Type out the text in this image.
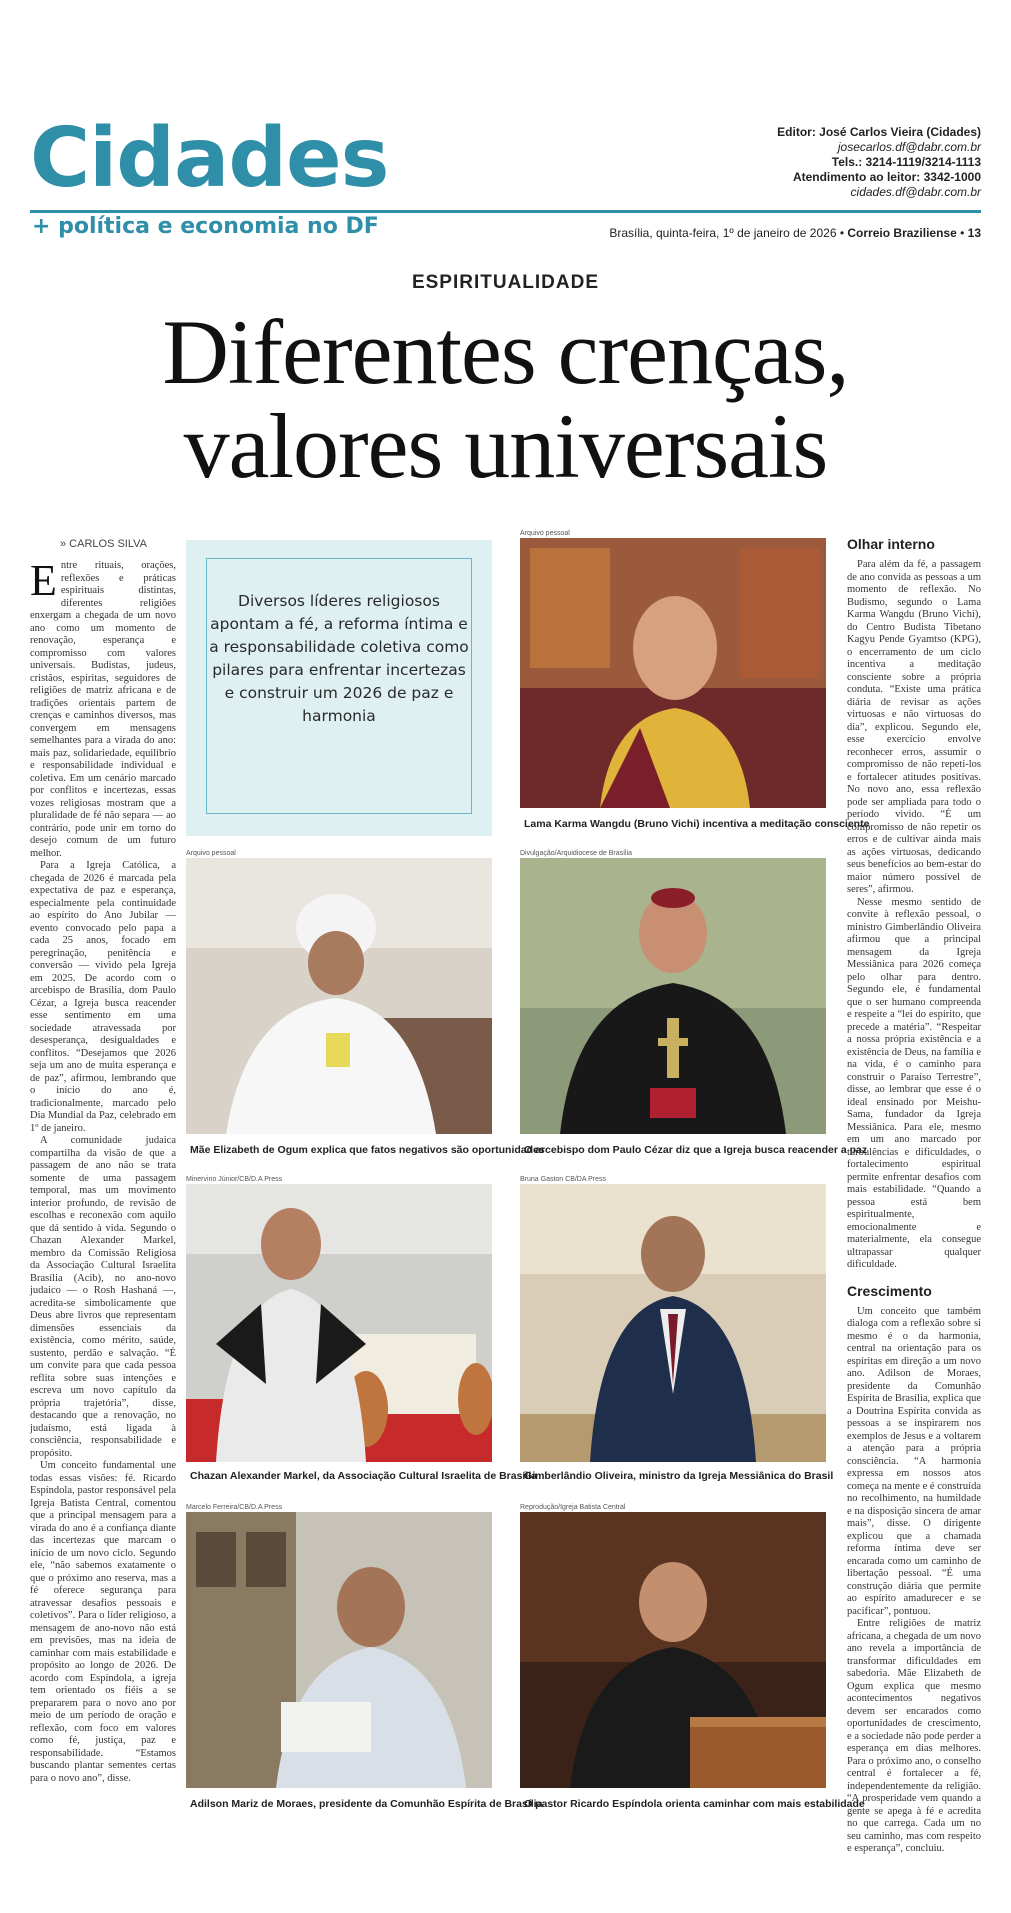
Cidades
+ política e economia no DF
Editor: José Carlos Vieira (Cidades)
josecarlos.df@dabr.com.br
Tels.: 3214-1119/3214-1113
Atendimento ao leitor: 3342-1000
cidades.df@dabr.com.br
Brasília, quinta-feira, 1º de janeiro de 2026 • Correio Braziliense • 13
ESPIRITUALIDADE
Diferentes crenças,
valores universais
» CARLOS SILVA

Entre rituais, orações, reflexões e práticas espirituais distintas, diferentes religiões enxergam a chegada de um novo ano como um momento de renovação, esperança e compromisso com valores universais. Budistas, judeus, cristãos, espíritas, seguidores de religiões de matriz africana e de tradições orientais partem de crenças e caminhos diversos, mas convergem em mensagens semelhantes para a virada do ano: mais paz, solidariedade, equilíbrio e responsabilidade individual e coletiva. Em um cenário marcado por conflitos e incertezas, essas vozes religiosas mostram que a pluralidade de fé não separa — ao contrário, pode unir em torno do desejo comum de um futuro melhor.

Para a Igreja Católica, a chegada de 2026 é marcada pela expectativa de paz e esperança, especialmente pela continuidade ao espírito do Ano Jubilar — evento convocado pelo papa a cada 25 anos, focado em peregrinação, penitência e conversão — vivido pela Igreja em 2025. De acordo com o arcebispo de Brasília, dom Paulo Cézar, a Igreja busca reacender esse sentimento em uma sociedade atravessada por desesperança, desigualdades e conflitos. “Desejamos que 2026 seja um ano de muita esperança e de paz”, afirmou, lembrando que o início do ano é, tradicionalmente, marcado pelo Dia Mundial da Paz, celebrado em 1º de janeiro.

A comunidade judaica compartilha da visão de que a passagem de ano não se trata somente de uma passagem temporal, mas um movimento interior profundo, de revisão de escolhas e reconexão com aquilo que dá sentido à vida. Segundo o Chazan Alexander Markel, membro da Comissão Religiosa da Associação Cultural Israelita Brasília (Acib), no ano-novo judaico — o Rosh Hashaná —, acredita-se simbolicamente que Deus abre livros que representam dimensões essenciais da existência, como mérito, saúde, sustento, perdão e salvação. “É um convite para que cada pessoa reflita sobre suas intenções e escreva um novo capítulo da própria trajetória”, disse, destacando que a renovação, no judaísmo, está ligada à consciência, responsabilidade e propósito.

Um conceito fundamental une todas essas visões: fé. Ricardo Espíndola, pastor responsável pela Igreja Batista Central, comentou que a principal mensagem para a virada do ano é a confiança diante das incertezas que marcam o início de um novo ciclo. Segundo ele, “não sabemos exatamente o que o próximo ano reserva, mas a fé oferece segurança para atravessar desafios pessoais e coletivos”. Para o líder religioso, a mensagem de ano-novo não está em previsões, mas na ideia de caminhar com mais estabilidade e propósito ao longo de 2026. De acordo com Espíndola, a igreja tem orientado os fiéis a se prepararem para o novo ano por meio de um período de oração e reflexão, com foco em valores como fé, justiça, paz e responsabilidade. “Estamos buscando plantar sementes certas para o novo ano”, disse.

Diversos líderes religiosos apontam a fé, a reforma íntima e a responsabilidade coletiva como pilares para enfrentar incertezas e construir um 2026 de paz e harmonia
Arquivo pessoal
Lama Karma Wangdu (Bruno Vichi) incentiva a meditação consciente
Arquivo pessoal
Mãe Elizabeth de Ogum explica que fatos negativos são oportunidades
Divulgação/Arquidiocese de Brasília
O arcebispo dom Paulo Cézar diz que a Igreja busca reacender a paz
Minervino Júnior/CB/D.A Press
Chazan Alexander Markel, da Associação Cultural Israelita de Brasília
Bruna Gaston CB/DA Press
Gimberlândio Oliveira, ministro da Igreja Messiânica do Brasil
Marcelo Ferreira/CB/D.A Press
Adilson Mariz de Moraes, presidente da Comunhão Espírita de Brasília
Reprodução/Igreja Batista Central
O pastor Ricardo Espíndola orienta caminhar com mais estabilidade
Olhar interno

Para além da fé, a passagem de ano convida as pessoas a um momento de reflexão. No Budismo, segundo o Lama Karma Wangdu (Bruno Vichi), do Centro Budista Tibetano Kagyu Pende Gyamtso (KPG), o encerramento de um ciclo incentiva a meditação consciente sobre a própria conduta. “Existe uma prática diária de revisar as ações virtuosas e não virtuosas do dia”, explicou. Segundo ele, esse exercício envolve reconhecer erros, assumir o compromisso de não repeti-los e fortalecer atitudes positivas. No novo ano, essa reflexão pode ser ampliada para todo o período vivido. “É um compromisso de não repetir os erros e de cultivar ainda mais as ações virtuosas, dedicando seus benefícios ao bem-estar do maior número possível de seres”, afirmou.

Nesse mesmo sentido de convite à reflexão pessoal, o ministro Gimberlândio Oliveira afirmou que a principal mensagem da Igreja Messiânica para 2026 começa pelo olhar para dentro. Segundo ele, é fundamental que o ser humano compreenda e respeite a “lei do espírito, que precede a matéria”. “Respeitar a nossa própria existência e a existência de Deus, na família e na vida, é o caminho para construir o Paraíso Terrestre”, disse, ao lembrar que esse é o ideal ensinado por Meishu-Sama, fundador da Igreja Messiânica. Para ele, mesmo em um ano marcado por turbulências e dificuldades, o fortalecimento espiritual permite enfrentar desafios com mais estabilidade. “Quando a pessoa está bem espiritualmente, emocionalmente e materialmente, ela consegue ultrapassar qualquer dificuldade.

Crescimento

Um conceito que também dialoga com a reflexão sobre si mesmo é o da harmonia, central na orientação para os espíritas em direção a um novo ano. Adilson de Moraes, presidente da Comunhão Espírita de Brasília, explica que a Doutrina Espírita convida as pessoas a se inspirarem nos exemplos de Jesus e a voltarem a atenção para a própria consciência. “A harmonia expressa em nossos atos começa na mente e é construída no recolhimento, na humildade e na disposição sincera de amar mais”, disse. O dirigente explicou que a chamada reforma íntima deve ser encarada como um caminho de libertação pessoal. “É uma construção diária que permite ao espírito amadurecer e se pacificar”, pontuou.

Entre religiões de matriz africana, a chegada de um novo ano revela a importância de transformar dificuldades em sabedoria. Mãe Elizabeth de Ogum explica que mesmo acontecimentos negativos devem ser encarados como oportunidades de crescimento, e a sociedade não pode perder a esperança em dias melhores. Para o próximo ano, o conselho central é fortalecer a fé, independentemente da religião. “A prosperidade vem quando a gente se apega à fé e acredita no que carrega. Cada um no seu caminho, mas com respeito e esperança”, concluiu.
